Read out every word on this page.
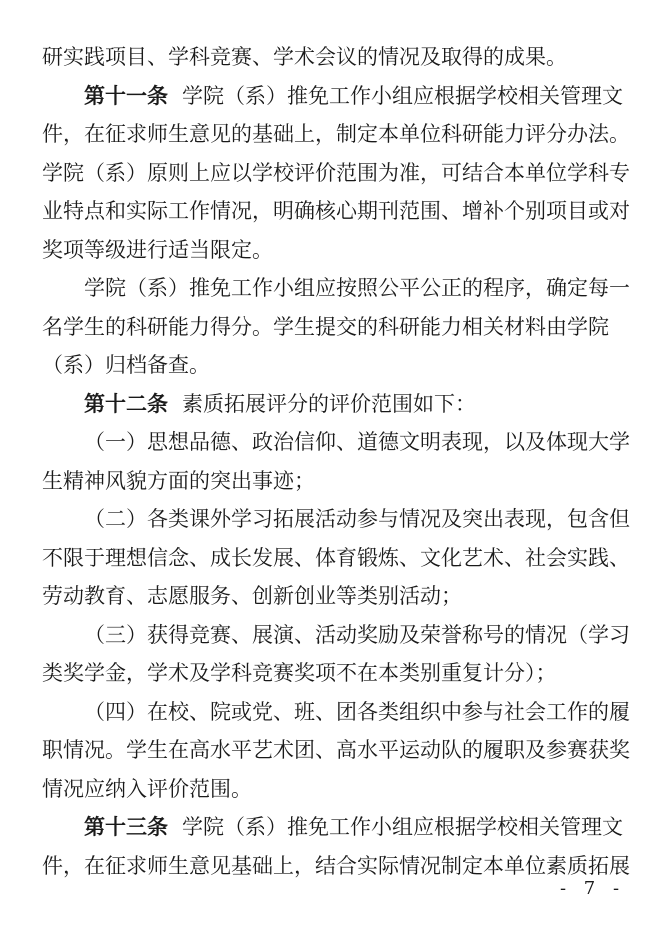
研实践项目、学科竞赛、学术会议的情况及取得的成果。
第十一条 学院（系）推免工作小组应根据学校相关管理文
件，在征求师生意见的基础上，制定本单位科研能力评分办法。
学院（系）原则上应以学校评价范围为准，可结合本单位学科专
业特点和实际工作情况，明确核心期刊范围、增补个别项目或对
奖项等级进行适当限定。
学院（系）推免工作小组应按照公平公正的程序，确定每一
名学生的科研能力得分。学生提交的科研能力相关材料由学院
（系）归档备查。
第十二条 素质拓展评分的评价范围如下：
（一）思想品德、政治信仰、道德文明表现，以及体现大学
生精神风貌方面的突出事迹；
（二）各类课外学习拓展活动参与情况及突出表现，包含但
不限于理想信念、成长发展、体育锻炼、文化艺术、社会实践、
劳动教育、志愿服务、创新创业等类别活动；
（三）获得竞赛、展演、活动奖励及荣誉称号的情况（学习
类奖学金，学术及学科竞赛奖项不在本类别重复计分）；
（四）在校、院或党、班、团各类组织中参与社会工作的履
职情况。学生在高水平艺术团、高水平运动队的履职及参赛获奖
情况应纳入评价范围。
第十三条 学院（系）推免工作小组应根据学校相关管理文
件，在征求师生意见基础上，结合实际情况制定本单位素质拓展
- 7 -
